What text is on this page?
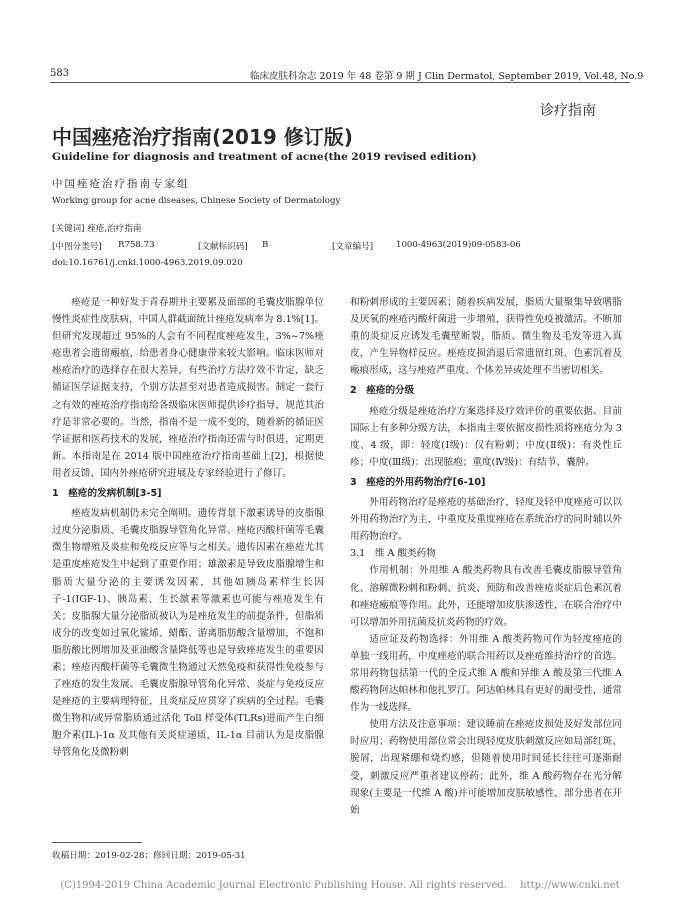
583	临床皮肤科杂志 2019 年 48 卷第 9 期 J Clin Dermatol, September 2019, Vol.48, No.9
诊疗指南
中国痤疮治疗指南(2019 修订版)
Guideline for diagnosis and treatment of acne(the 2019 revised edition)
中国痤疮治疗指南专家组
Working group for acne diseases, Chinese Society of Dermatology
[关键词] 痤疮,治疗指南
[中图分类号] R758.73	[文献标识码] B	[文章编号]	1000-4963(2019)09-0583-06
doi:10.16761/j.cnki.1000-4963.2019.09.020

痤疮是一种好发于青春期并主要累及面部的毛囊皮脂腺单位慢性炎症性皮肤病，中国人群截面统计痤疮发病率为 8.1%[1]。但研究发现超过 95%的人会有不同程度痤疮发生，3%~7%痤疮患者会遗留瘢痕，给患者身心健康带来较大影响。临床医师对痤疮治疗的选择存在很大差异，有些治疗方法疗效不肯定，缺乏循证医学证据支持，个别方法甚至对患者造成损害。制定一套行之有效的痤疮治疗指南给各级临床医师提供诊疗指导，规范其治疗是非常必要的。当然，指南不是一成不变的，随着新的循证医学证据和医药技术的发展，痤疮治疗指南还需与时俱进，定期更新。本指南是在 2014 版中国痤疮治疗指南基础上[2]，根据使用者反馈、国内外痤疮研究进展及专家经验进行了修订。

1　痤疮的发病机制[3-5]

痤疮发病机制仍未完全阐明。遗传背景下激素诱导的皮脂腺过度分泌脂质、毛囊皮脂腺导管角化异常、痤疮丙酸杆菌等毛囊微生物增殖及炎症和免疫反应等与之相关。遗传因素在痤疮尤其是重度痤疮发生中起到了重要作用；雄激素是导致皮脂腺增生和脂质大量分泌的主要诱发因素，其他如胰岛素样生长因子-1(IGF-1)、胰岛素、生长激素等激素也可能与痤疮发生有关；皮脂腺大量分泌脂质被认为是痤疮发生的前提条件，但脂质成分的改变如过氧化鲨烯、蜡酯、游离脂肪酸含量增加，不饱和脂肪酸比例增加及亚油酸含量降低等也是导致痤疮发生的重要因素；痤疮丙酸杆菌等毛囊微生物通过天然免疫和获得性免疫参与了痤疮的发生发展。毛囊皮脂腺导管角化异常、炎症与免疫反应是痤疮的主要病理特征，且炎症反应贯穿了疾病的全过程。毛囊微生物和/或异常脂质通过活化 Toll 样受体(TLRs)进而产生白细胞介素(IL)-1α 及其他有关炎症递质，IL-1α 目前认为是皮脂腺导管角化及微粉刺

和粉刺形成的主要因素；随着疾病发展，脂质大量聚集导致嗜脂及厌氧的痤疮丙酸杆菌进一步增殖，获得性免疫被激活。不断加重的炎症反应诱发毛囊壁断裂，脂质、微生物及毛发等进入真皮，产生异物样反应。痤疮皮损消退后常遗留红斑、色素沉着及瘢痕形成，这与痤疮严重度、个体差异或处理不当密切相关。

2　痤疮的分级

痤疮分级是痤疮治疗方案选择及疗效评价的重要依据。目前国际上有多种分级方法，本指南主要依据皮损性质将痤疮分为 3 度、4 级，即：轻度(Ⅰ级)：仅有粉刺；中度(Ⅱ级)：有炎性丘疹；中度(Ⅲ级)：出现脓疱；重度(Ⅳ级)：有结节、囊肿。

3　痤疮的外用药物治疗[6-10]

外用药物治疗是痤疮的基础治疗，轻度及轻中度痤疮可以以外用药物治疗为主，中重度及重度痤疮在系统治疗的同时辅以外用药物治疗。

3.1　维 A 酸类药物

作用机制：外用维 A 酸类药物具有改善毛囊皮脂腺导管角化、溶解微粉刺和粉刺、抗炎、预防和改善痤疮炎症后色素沉着和痤疮瘢痕等作用。此外，还能增加皮肤渗透性，在联合治疗中可以增加外用抗菌及抗炎药物的疗效。

适应证及药物选择：外用维 A 酸类药物可作为轻度痤疮的单独一线用药，中度痤疮的联合用药以及痤疮维持治疗的首选。常用药物包括第一代的全反式维 A 酸和异维 A 酸及第三代维 A 酸药物阿达帕林和他扎罗汀。阿达帕林具有更好的耐受性，通常作为一线选择。

使用方法及注意事项：建议睡前在痤疮皮损处及好发部位同时应用；药物使用部位常会出现轻度皮肤刺激反应如局部红斑、脱屑，出现紧绷和烧灼感，但随着使用时间延长往往可逐渐耐受，刺激反应严重者建议停药；此外，维 A 酸药物存在光分解现象(主要是一代维 A 酸)并可能增加皮肤敏感性，部分患者在开始

收稿日期：2019-02-28；修回日期：2019-05-31
(C)1994-2019 China Academic Journal Electronic Publishing House. All rights reserved.　 http://www.cnki.net
